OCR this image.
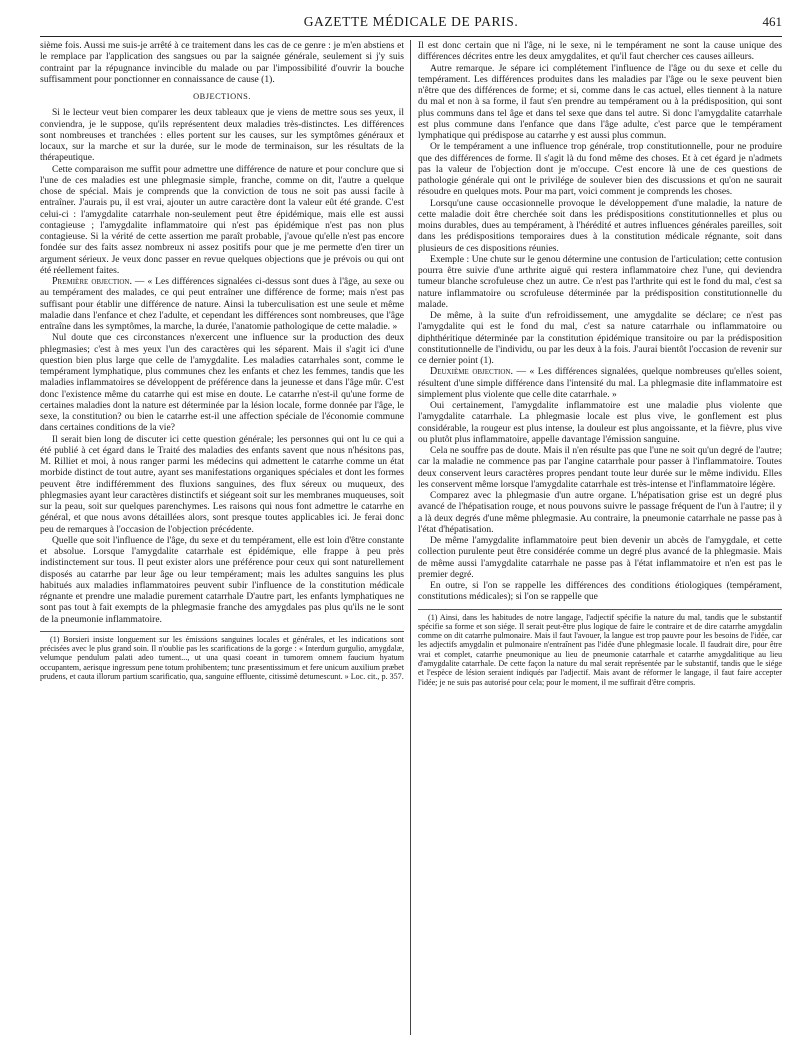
GAZETTE MÉDICALE DE PARIS.	461

sième fois. Aussi me suis-je arrêté à ce traitement dans les cas de ce genre : je m'en abstiens et le remplace par l'application des sangsues ou par la saignée générale, seulement si j'y suis contraint par la répugnance invincible du malade ou par l'impossibilité d'ouvrir la bouche suffisamment pour ponctionner en connaissance de cause (1).

OBJECTIONS.

Si le lecteur veut bien comparer les deux tableaux que je viens de mettre sous ses yeux, il conviendra, je le suppose, qu'ils représentent deux maladies très-distinctes. Les différences sont nombreuses et tranchées : elles portent sur les causes, sur les symptômes généraux et locaux, sur la marche et sur la durée, sur le mode de terminaison, sur les résultats de la thérapeutique.

Cette comparaison me suffit pour admettre une différence de nature et pour conclure que si l'une de ces maladies est une phlegmasie simple, franche, comme on dit, l'autre a quelque chose de spécial. Mais je comprends que la conviction de tous ne soit pas aussi facile à entraîner. J'aurais pu, il est vrai, ajouter un autre caractère dont la valeur eût été grande. C'est celui-ci : l'amygdalite catarrhale non-seulement peut être épidémique, mais elle est aussi contagieuse ; l'amygdalite inflammatoire qui n'est pas épidémique n'est pas non plus contagieuse. Si la vérité de cette assertion me paraît probable, j'avoue qu'elle n'est pas encore fondée sur des faits assez nombreux ni assez positifs pour que je me permette d'en tirer un argument sérieux. Je veux donc passer en revue quelques objections que je prévois ou qui ont été réellement faites.

Première objection. — « Les différences signalées ci-dessus sont dues à l'âge, au sexe ou au tempérament des malades, ce qui peut entraîner une différence de forme; mais n'est pas suffisant pour établir une différence de nature. Ainsi la tuberculisation est une seule et même maladie dans l'enfance et chez l'adulte, et cependant les différences sont nombreuses, que l'âge entraîne dans les symptômes, la marche, la durée, l'anatomie pathologique de cette maladie. »

Nul doute que ces circonstances n'exercent une influence sur la production des deux phlegmasies; c'est à mes yeux l'un des caractères qui les séparent. Mais il s'agit ici d'une question bien plus large que celle de l'amygdalite. Les maladies catarrhales sont, comme le tempérament lymphatique, plus communes chez les enfants et chez les femmes, tandis que les maladies inflammatoires se développent de préférence dans la jeunesse et dans l'âge mûr. C'est donc l'existence même du catarrhe qui est mise en doute. Le catarrhe n'est-il qu'une forme de certaines maladies dont la nature est déterminée par la lésion locale, forme donnée par l'âge, le sexe, la constitution? ou bien le catarrhe est-il une affection spéciale de l'économie commune dans certaines conditions de la vie?

Il serait bien long de discuter ici cette question générale; les personnes qui ont lu ce qui a été publié à cet égard dans le Traité des maladies des enfants savent que nous n'hésitons pas, M. Rilliet et moi, à nous ranger parmi les médecins qui admettent le catarrhe comme un état morbide distinct de tout autre, ayant ses manifestations organiques spéciales et dont les formes peuvent être indifféremment des fluxions sanguines, des flux séreux ou muqueux, des phlegmasies ayant leur caractères distinctifs et siégeant soit sur les membranes muqueuses, soit sur la peau, soit sur quelques parenchymes. Les raisons qui nous font admettre le catarrhe en général, et que nous avons détaillées alors, sont presque toutes applicables ici. Je ferai donc peu de remarques à l'occasion de l'objection précédente.

Quelle que soit l'influence de l'âge, du sexe et du tempérament, elle est loin d'être constante et absolue. Lorsque l'amygdalite catarrhale est épidémique, elle frappe à peu près indistinctement sur tous. Il peut exister alors une préférence pour ceux qui sont naturellement disposés au catarrhe par leur âge ou leur tempérament; mais les adultes sanguins les plus habitués aux maladies inflammatoires peuvent subir l'influence de la constitution médicale régnante et prendre une maladie purement catarrhale D'autre part, les enfants lymphatiques ne sont pas tout à fait exempts de la phlegmasie franche des amygdales pas plus qu'ils ne le sont de la pneumonie inflammatoire.

(1) Borsieri insiste longuement sur les émissions sanguines locales et générales, et les indications sont précisées avec le plus grand soin. Il n'oublie pas les scarifications de la gorge : « Interdum gurgulio, amygdalæ, velumque pendulum palati adeo tument..., ut una quasi coeant in tumorem omnem faucium hyatum occupantem, aerisque ingressum pene totum prohibentem; tunc præsentissimum et fere unicum auxilium præbet prudens, et cauta illorum partium scarificatio, qua, sanguine effluente, citissimè detumescunt. » Loc. cit., p. 357.

Il est donc certain que ni l'âge, ni le sexe, ni le tempérament ne sont la cause unique des différences décrites entre les deux amygdalites, et qu'il faut chercher ces causes ailleurs.

Autre remarque. Je sépare ici complétement l'influence de l'âge ou du sexe et celle du tempérament. Les différences produites dans les maladies par l'âge ou le sexe peuvent bien n'être que des différences de forme; et si, comme dans le cas actuel, elles tiennent à la nature du mal et non à sa forme, il faut s'en prendre au tempérament ou à la prédisposition, qui sont plus communs dans tel âge et dans tel sexe que dans tel autre. Si donc l'amygdalite catarrhale est plus commune dans l'enfance que dans l'âge adulte, c'est parce que le tempérament lymphatique qui prédispose au catarrhe y est aussi plus commun.

Or le tempérament a une influence trop générale, trop constitutionnelle, pour ne produire que des différences de forme. Il s'agit là du fond même des choses. Et à cet égard je n'admets pas la valeur de l'objection dont je m'occupe. C'est encore là une de ces questions de pathologie générale qui ont le privilége de soulever bien des discussions et qu'on ne saurait résoudre en quelques mots. Pour ma part, voici comment je comprends les choses.

Lorsqu'une cause occasionnelle provoque le développement d'une maladie, la nature de cette maladie doit être cherchée soit dans les prédispositions constitutionnelles et plus ou moins durables, dues au tempérament, à l'hérédité et autres influences générales pareilles, soit dans les prédispositions temporaires dues à la constitution médicale régnante, soit dans plusieurs de ces dispositions réunies.

Exemple : Une chute sur le genou détermine une contusion de l'articulation; cette contusion pourra être suivie d'une arthrite aiguë qui restera inflammatoire chez l'une, qui deviendra tumeur blanche scrofuleuse chez un autre. Ce n'est pas l'arthrite qui est le fond du mal, c'est sa nature inflammatoire ou scrofuleuse déterminée par la prédisposition constitutionnelle du malade.

De même, à la suite d'un refroidissement, une amygdalite se déclare; ce n'est pas l'amygdalite qui est le fond du mal, c'est sa nature catarrhale ou inflammatoire ou diphthéritique déterminée par la constitution épidémique transitoire ou par la prédisposition constitutionnelle de l'individu, ou par les deux à la fois. J'aurai bientôt l'occasion de revenir sur ce dernier point (1).

Deuxième objection. — « Les différences signalées, quelque nombreuses qu'elles soient, résultent d'une simple différence dans l'intensité du mal. La phlegmasie dite inflammatoire est simplement plus violente que celle dite catarrhale. »

Oui certainement, l'amygdalite inflammatoire est une maladie plus violente que l'amygdalite catarrhale. La phlegmasie locale est plus vive, le gonflement est plus considérable, la rougeur est plus intense, la douleur est plus angoissante, et la fièvre, plus vive ou plutôt plus inflammatoire, appelle davantage l'émission sanguine.

Cela ne souffre pas de doute. Mais il n'en résulte pas que l'une ne soit qu'un degré de l'autre; car la maladie ne commence pas par l'angine catarrhale pour passer à l'inflammatoire. Toutes deux conservent leurs caractères propres pendant toute leur durée sur le même individu. Elles les conservent même lorsque l'amygdalite catarrhale est très-intense et l'inflammatoire légère.

Comparez avec la phlegmasie d'un autre organe. L'hépatisation grise est un degré plus avancé de l'hépatisation rouge, et nous pouvons suivre le passage fréquent de l'un à l'autre; il y a là deux degrés d'une même phlegmasie. Au contraire, la pneumonie catarrhale ne passe pas à l'état d'hépatisation.

De même l'amygdalite inflammatoire peut bien devenir un abcès de l'amygdale, et cette collection purulente peut être considérée comme un degré plus avancé de la phlegmasie. Mais de même aussi l'amygdalite catarrhale ne passe pas à l'état inflammatoire et n'en est pas le premier degré.

En outre, si l'on se rappelle les différences des conditions étiologiques (tempérament, constitutions médicales); si l'on se rappelle que

(1) Ainsi, dans les habitudes de notre langage, l'adjectif spécifie la nature du mal, tandis que le substantif spécifie sa forme et son siége. Il serait peut-être plus logique de faire le contraire et de dire catarrhe amygdalin comme on dit catarrhe pulmonaire. Mais il faut l'avouer, la langue est trop pauvre pour les besoins de l'idée, car les adjectifs amygdalin et pulmonaire n'entraînent pas l'idée d'une phlegmasie locale. Il faudrait dire, pour être vrai et complet, catarrhe pneumonique au lieu de pneumonie catarrhale et catarrhe amygdalitique au lieu d'amygdalite catarrhale. De cette façon la nature du mal serait représentée par le substantif, tandis que le siége et l'espèce de lésion seraient indiqués par l'adjectif. Mais avant de réformer le langage, il faut faire accepter l'idée; je ne suis pas autorisé pour cela; pour le moment, il me suffirait d'être compris.
